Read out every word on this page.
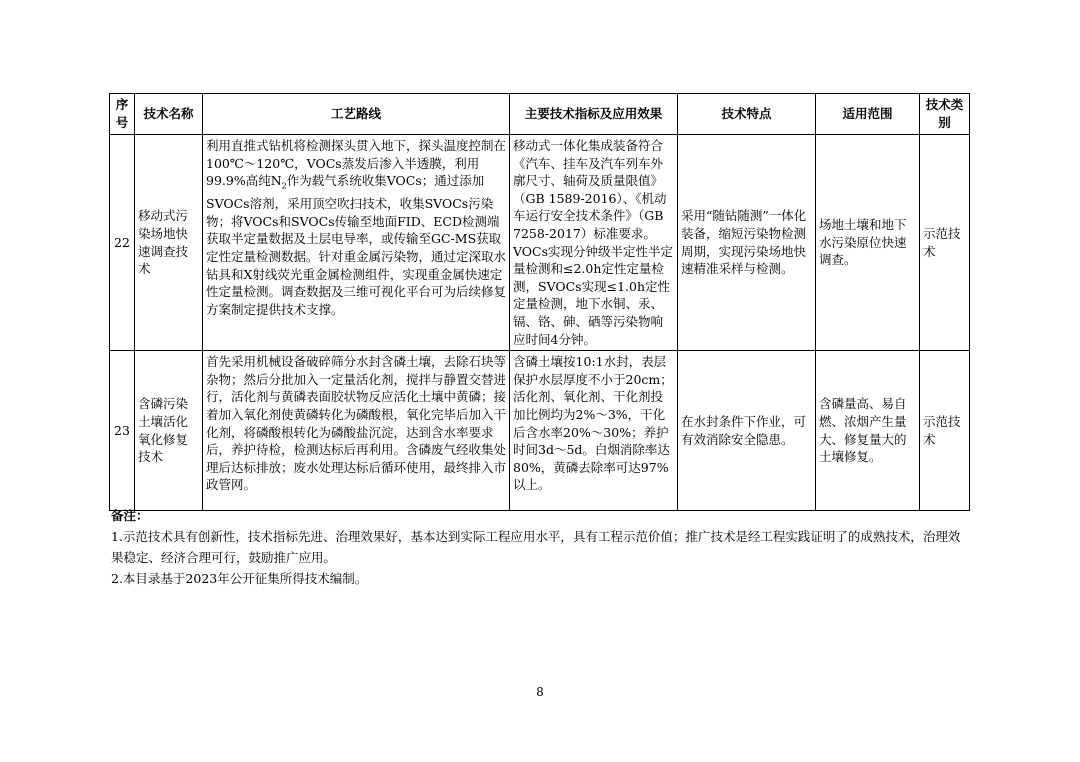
序号	技术名称	工艺路线	主要技术指标及应用效果	技术特点	适用范围	技术类别
22	移动式污染场地快速调查技术	利用直推式钻机将检测探头贯入地下，探头温度控制在100℃～120℃，VOCs蒸发后渗入半透膜，利用99.9%高纯$N_2$作为载气系统收集VOCs；通过添加SVOCs溶剂，采用顶空吹扫技术，收集SVOCs污染物；将VOCs和SVOCs传输至地面FID、ECD检测端获取半定量数据及土层电导率，或传输至GC-MS获取定性定量检测数据。针对重金属污染物，通过定深取水钻具和X射线荧光重金属检测组件，实现重金属快速定性定量检测。调查数据及三维可视化平台可为后续修复方案制定提供技术支撑。	移动式一体化集成装备符合《汽车、挂车及汽车列车外廓尺寸、轴荷及质量限值》（GB 1589-2016）、《机动车运行安全技术条件》（GB 7258-2017）标准要求。VOCs实现分钟级半定性半定量检测和≤2.0h定性定量检测，SVOCs实现≤1.0h定性定量检测，地下水铜、汞、镉、铬、砷、硒等污染物响应时间4分钟。	采用“随钻随测”一体化装备，缩短污染物检测周期，实现污染场地快速精准采样与检测。	场地土壤和地下水污染原位快速调查。	示范技术
23	含磷污染土壤活化氧化修复技术	首先采用机械设备破碎筛分水封含磷土壤，去除石块等杂物；然后分批加入一定量活化剂，搅拌与静置交替进行，活化剂与黄磷表面胶状物反应活化土壤中黄磷；接着加入氧化剂使黄磷转化为磷酸根，氧化完毕后加入干化剂，将磷酸根转化为磷酸盐沉淀，达到含水率要求后，养护待检，检测达标后再利用。含磷废气经收集处理后达标排放；废水处理达标后循环使用，最终排入市政管网。	含磷土壤按10:1水封，表层保护水层厚度不小于20cm；活化剂、氧化剂、干化剂投加比例均为2%～3%，干化后含水率20%～30%；养护时间3d～5d。白烟消除率达80%，黄磷去除率可达97%以上。	在水封条件下作业，可有效消除安全隐患。	含磷量高、易自燃、浓烟产生量大、修复量大的土壤修复。	示范技术
备注：
1.示范技术具有创新性，技术指标先进、治理效果好，基本达到实际工程应用水平，具有工程示范价值；推广技术是经工程实践证明了的成熟技术，治理效果稳定、经济合理可行，鼓励推广应用。
2.本目录基于2023年公开征集所得技术编制。
8
